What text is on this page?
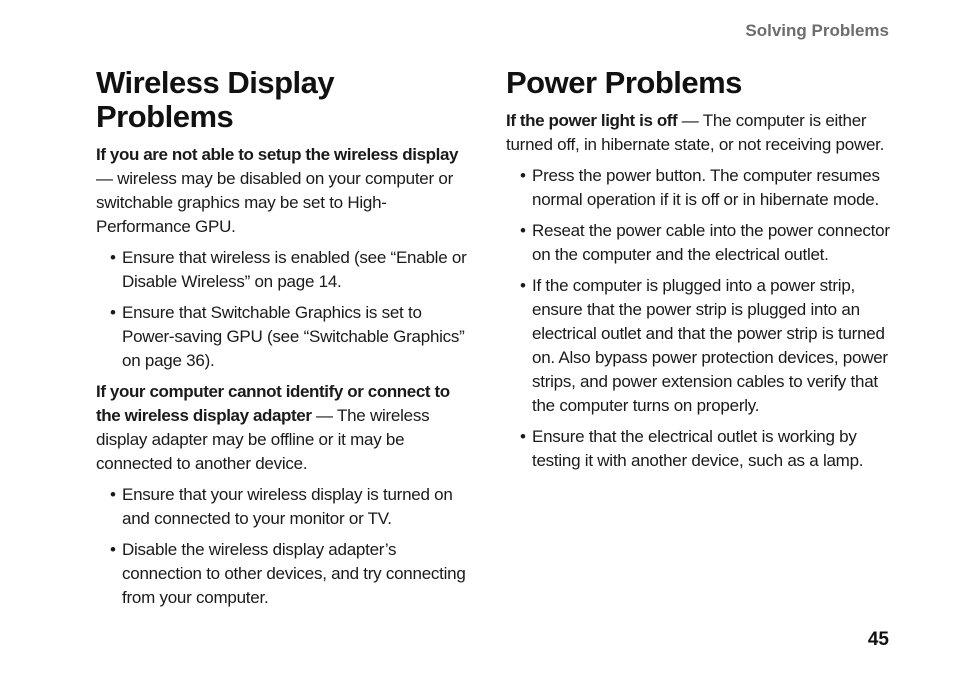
Solving Problems
Wireless Display Problems

If you are not able to setup the wireless display — wireless may be disabled on your computer or switchable graphics may be set to High-Performance GPU.

• Ensure that wireless is enabled (see “Enable or Disable Wireless” on page 14.
• Ensure that Switchable Graphics is set to Power-saving GPU (see “Switchable Graphics” on page 36).

If your computer cannot identify or connect to the wireless display adapter — The wireless display adapter may be offline or it may be connected to another device.

• Ensure that your wireless display is turned on and connected to your monitor or TV.
• Disable the wireless display adapter’s connection to other devices, and try connecting from your computer.
Power Problems

If the power light is off — The computer is either turned off, in hibernate state, or not receiving power.

• Press the power button. The computer resumes normal operation if it is off or in hibernate mode.
• Reseat the power cable into the power connector on the computer and the electrical outlet.
• If the computer is plugged into a power strip, ensure that the power strip is plugged into an electrical outlet and that the power strip is turned on. Also bypass power protection devices, power strips, and power extension cables to verify that the computer turns on properly.
• Ensure that the electrical outlet is working by testing it with another device, such as a lamp.
45
